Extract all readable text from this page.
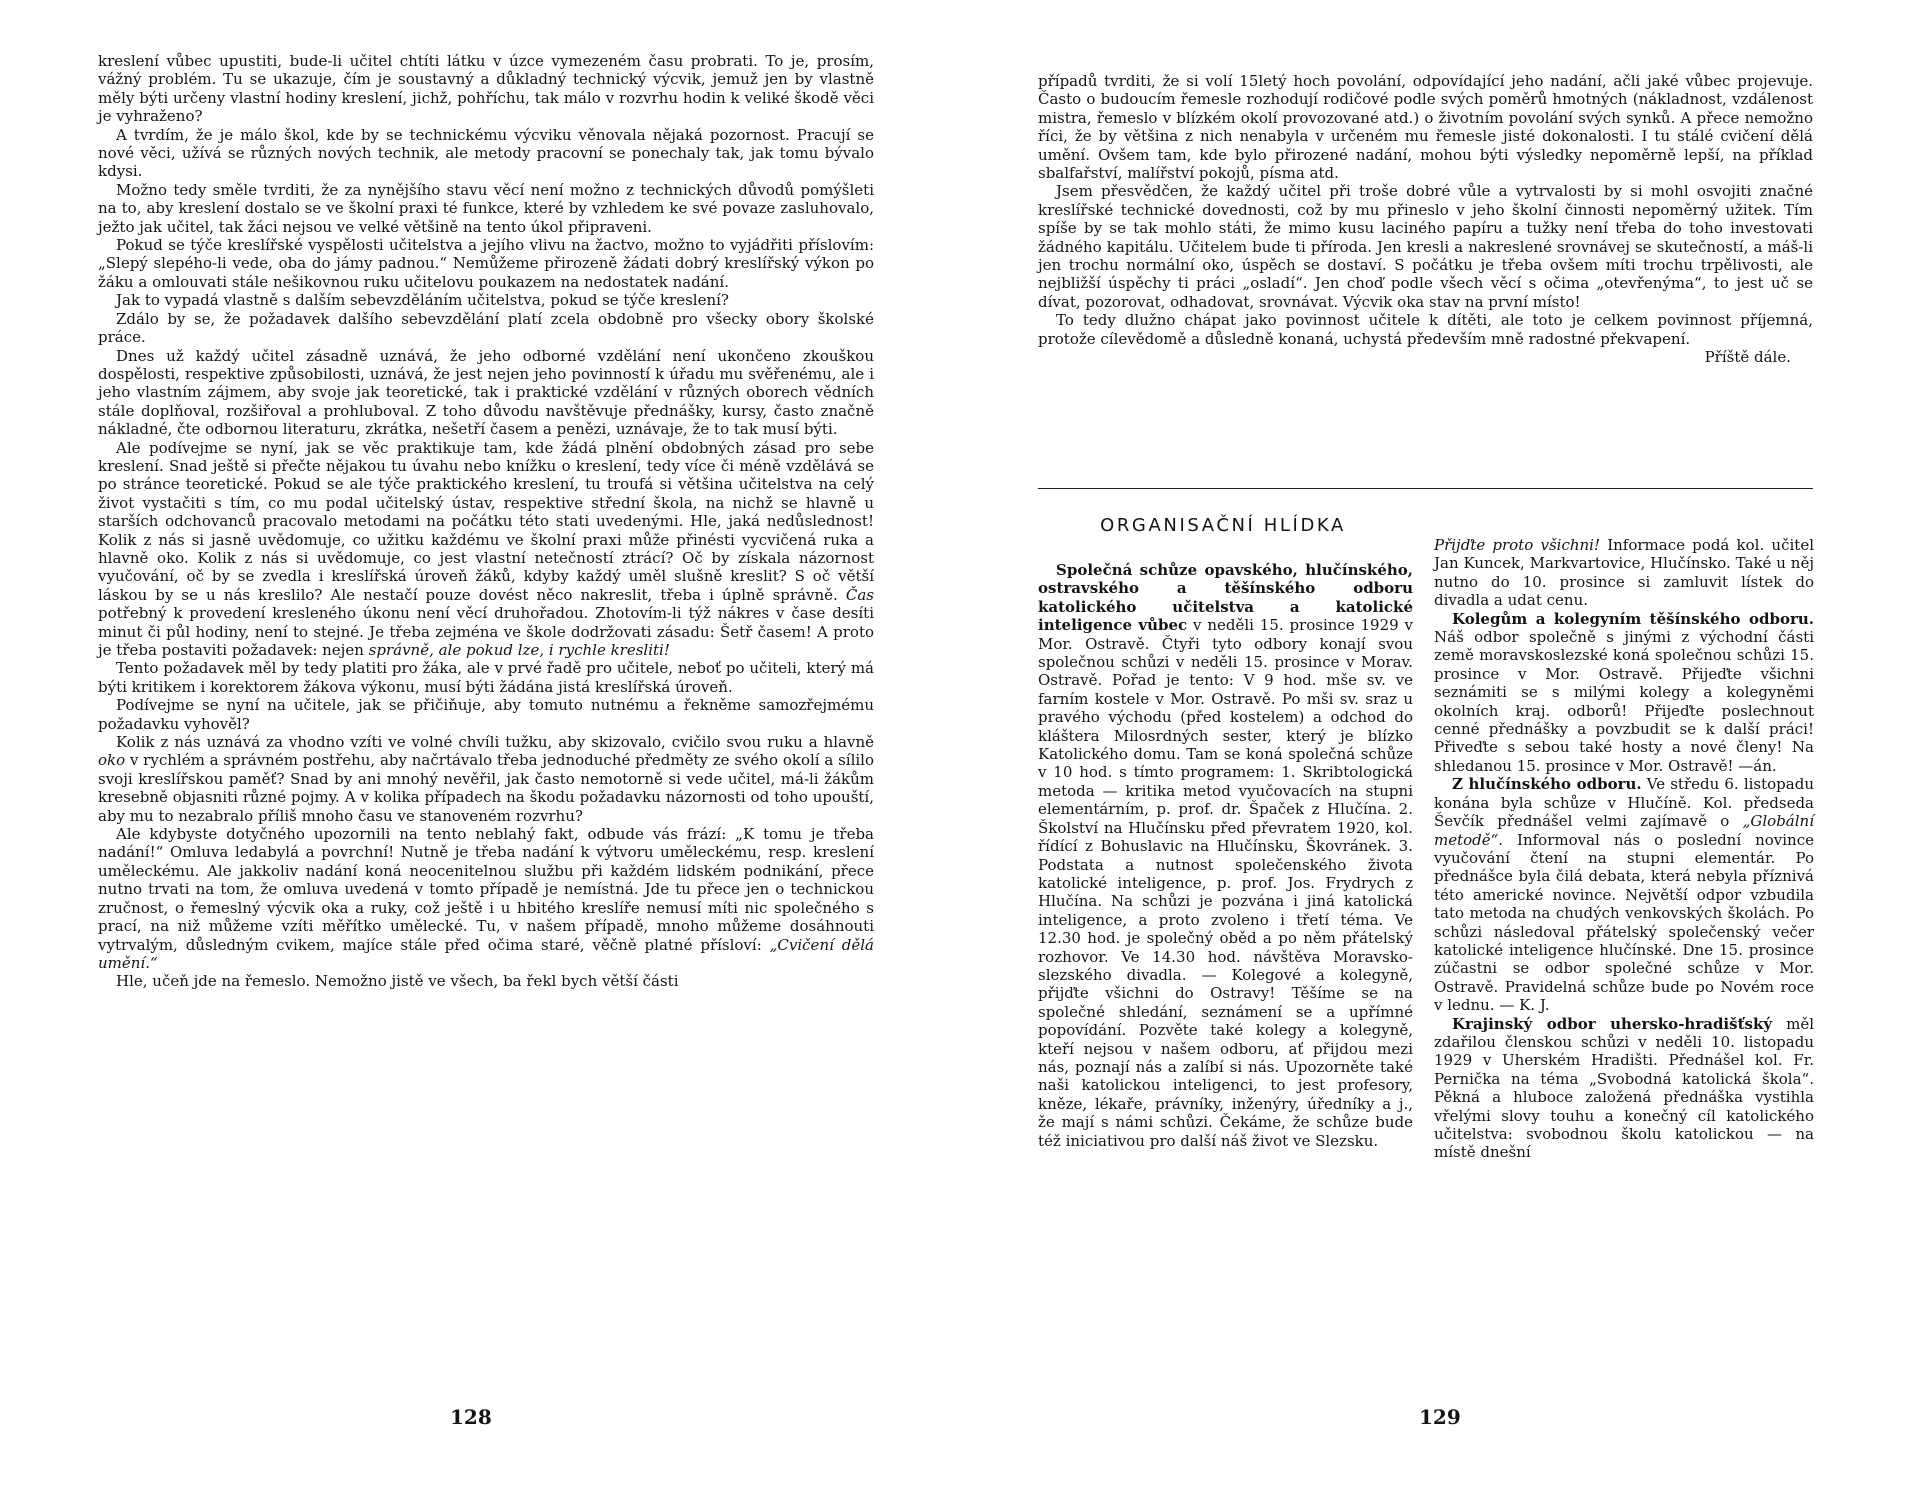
kreslení vůbec upustiti, bude-li učitel chtíti látku v úzce vymezeném času probrati. To je, prosím, vážný problém. Tu se ukazuje, čím je soustavný a důkladný technický výcvik, jemuž jen by vlastně měly býti určeny vlastní hodiny kreslení, jichž, pohříchu, tak málo v rozvrhu hodin k veliké škodě věci je vyhraženo?

A tvrdím, že je málo škol, kde by se technickému výcviku věnovala nějaká pozornost. Pracují se nové věci, užívá se různých nových technik, ale metody pracovní se ponechaly tak, jak tomu bývalo kdysi.

Možno tedy směle tvrditi, že za nynějšího stavu věcí není možno z technických důvodů pomýšleti na to, aby kreslení dostalo se ve školní praxi té funkce, které by vzhledem ke své povaze zasluhovalo, ježto jak učitel, tak žáci nejsou ve velké většině na tento úkol připraveni.

Pokud se týče kreslířské vyspělosti učitelstva a jejího vlivu na žactvo, možno to vyjádřiti příslovím: „Slepý slepého-li vede, oba do jámy padnou.“ Nemůžeme přirozeně žádati dobrý kreslířský výkon po žáku a omlouvati stále nešikovnou ruku učitelovu poukazem na nedostatek nadání.

Jak to vypadá vlastně s dalším sebevzděláním učitelstva, pokud se týče kreslení?

Zdálo by se, že požadavek dalšího sebevzdělání platí zcela obdobně pro všecky obory školské práce.

Dnes už každý učitel zásadně uznává, že jeho odborné vzdělání není ukončeno zkouškou dospělosti, respektive způsobilosti, uznává, že jest nejen jeho povinností k úřadu mu svěřenému, ale i jeho vlastním zájmem, aby svoje jak teoretické, tak i praktické vzdělání v různých oborech vědních stále doplňoval, rozšiřoval a prohluboval. Z toho důvodu navštěvuje přednášky, kursy, často značně nákladné, čte odbornou literaturu, zkrátka, nešetří časem a penězi, uznávaje, že to tak musí býti.

Ale podívejme se nyní, jak se věc praktikuje tam, kde žádá plnění obdobných zásad pro sebe kreslení. Snad ještě si přečte nějakou tu úvahu nebo knížku o kreslení, tedy více či méně vzdělává se po stránce teoretické. Pokud se ale týče praktického kreslení, tu troufá si většina učitelstva na celý život vystačiti s tím, co mu podal učitelský ústav, respektive střední škola, na nichž se hlavně u starších odchovanců pracovalo metodami na počátku této stati uvedenými. Hle, jaká nedůslednost! Kolik z nás si jasně uvědomuje, co užitku každému ve školní praxi může přinésti vycvičená ruka a hlavně oko. Kolik z nás si uvědomuje, co jest vlastní netečností ztrácí? Oč by získala názornost vyučování, oč by se zvedla i kreslířská úroveň žáků, kdyby každý uměl slušně kreslit? S oč větší láskou by se u nás kreslilo? Ale nestačí pouze dovést něco nakreslit, třeba i úplně správně. Čas potřebný k provedení kresleného úkonu není věcí druhořadou. Zhotovím-li týž nákres v čase desíti minut či půl hodiny, není to stejné. Je třeba zejména ve škole dodržovati zásadu: Šetř časem! A proto je třeba postaviti požadavek: nejen správně, ale pokud lze, i rychle kresliti!

Tento požadavek měl by tedy platiti pro žáka, ale v prvé řadě pro učitele, neboť po učiteli, který má býti kritikem i korektorem žákova výkonu, musí býti žádána jistá kreslířská úroveň.

Podívejme se nyní na učitele, jak se přičiňuje, aby tomuto nutnému a řekněme samozřejmému požadavku vyhověl?

Kolik z nás uznává za vhodno vzíti ve volné chvíli tužku, aby skizovalo, cvičilo svou ruku a hlavně oko v rychlém a správném postřehu, aby načrtávalo třeba jednoduché předměty ze svého okolí a sílilo svoji kreslířskou paměť? Snad by ani mnohý nevěřil, jak často nemotorně si vede učitel, má-li žákům kresebně objasniti různé pojmy. A v kolika případech na škodu požadavku názornosti od toho upouští, aby mu to nezabralo příliš mnoho času ve stanoveném rozvrhu?

Ale kdybyste dotyčného upozornili na tento neblahý fakt, odbude vás frází: „K tomu je třeba nadání!“ Omluva ledabylá a povrchní! Nutně je třeba nadání k výtvoru uměleckému, resp. kreslení uměleckému. Ale jakkoliv nadání koná neocenitelnou službu při každém lidském podnikání, přece nutno trvati na tom, že omluva uvedená v tomto případě je nemístná. Jde tu přece jen o technickou zručnost, o řemeslný výcvik oka a ruky, což ještě i u hbitého kreslíře nemusí míti nic společného s prací, na niž můžeme vzíti měřítko umělecké. Tu, v našem případě, mnoho můžeme dosáhnouti vytrvalým, důsledným cvikem, majíce stále před očima staré, věčně platné přísloví: „Cvičení dělá umění.“

Hle, učeň jde na řemeslo. Nemožno jistě ve všech, ba řekl bych větší části

128

případů tvrditi, že si volí 15letý hoch povolání, odpovídající jeho nadání, ačli jaké vůbec projevuje. Často o budoucím řemesle rozhodují rodičové podle svých poměrů hmotných (nákladnost, vzdálenost mistra, řemeslo v blízkém okolí provozované atd.) o životním povolání svých synků. A přece nemožno říci, že by většina z nich nenabyla v určeném mu řemesle jisté dokonalosti. I tu stálé cvičení dělá umění. Ovšem tam, kde bylo přirozené nadání, mohou býti výsledky nepoměrně lepší, na příklad sbalfařství, malířství pokojů, písma atd.

Jsem přesvědčen, že každý učitel při troše dobré vůle a vytrvalosti by si mohl osvojiti značné kreslířské technické dovednosti, což by mu přineslo v jeho školní činnosti nepoměrný užitek. Tím spíše by se tak mohlo státi, že mimo kusu laciného papíru a tužky není třeba do toho investovati žádného kapitálu. Učitelem bude ti příroda. Jen kresli a nakreslené srovnávej se skutečností, a máš-li jen trochu normální oko, úspěch se dostaví. S počátku je třeba ovšem míti trochu trpělivosti, ale nejbližší úspěchy ti práci „osladí“. Jen choď podle všech věcí s očima „otevřenýma“, to jest uč se dívat, pozorovat, odhadovat, srovnávat. Výcvik oka stav na první místo!

To tedy dlužno chápat jako povinnost učitele k dítěti, ale toto je celkem povinnost příjemná, protože cílevědomě a důsledně konaná, uchystá především mně radostné překvapení.
Příště dále.

ORGANISAČNÍ HLÍDKA

Společná schůze opavského, hlučínského, ostravského a těšínského odboru katolického učitelstva a katolické inteligence vůbec v neděli 15. prosince 1929 v Mor. Ostravě. Čtyři tyto odbory konají svou společnou schůzi v neděli 15. prosince v Morav. Ostravě. Pořad je tento: V 9 hod. mše sv. ve farním kostele v Mor. Ostravě. Po mši sv. sraz u pravého východu (před kostelem) a odchod do kláštera Milosrdných sester, který je blízko Katolického domu. Tam se koná společná schůze v 10 hod. s tímto programem: 1. Skribtologická metoda — kritika metod vyučovacích na stupni elementárním, p. prof. dr. Špaček z Hlučína. 2. Školství na Hlučínsku před převratem 1920, kol. řídící z Bohuslavic na Hlučínsku, Škovránek. 3. Podstata a nutnost společenského života katolické inteligence, p. prof. Jos. Frydrych z Hlučína. Na schůzi je pozvána i jiná katolická inteligence, a proto zvoleno i třetí téma. Ve 12.30 hod. je společný oběd a po něm přátelský rozhovor. Ve 14.30 hod. návštěva Moravsko-slezského divadla. — Kolegové a kolegyně, přijďte všichni do Ostravy! Těšíme se na společné shledání, seznámení se a upřímné popovídání. Pozvěte také kolegy a kolegyně, kteří nejsou v našem odboru, ať přijdou mezi nás, poznají nás a zalíbí si nás. Upozorněte také naši katolickou inteligenci, to jest profesory, kněze, lékaře, právníky, inženýry, úředníky a j., že mají s námi schůzi. Čekáme, že schůze bude též iniciativou pro další náš život ve Slezsku.

Přijďte proto všichni! Informace podá kol. učitel Jan Kuncek, Markvartovice, Hlučínsko. Také u něj nutno do 10. prosince si zamluvit lístek do divadla a udat cenu.

Kolegům a kolegyním těšínského odboru. Náš odbor společně s jinými z východní části země moravskoslezské koná společnou schůzi 15. prosince v Mor. Ostravě. Přijeďte všichni seznámiti se s milými kolegy a kolegyněmi okolních kraj. odborů! Přijeďte poslechnout cenné přednášky a povzbudit se k další práci! Přiveďte s sebou také hosty a nové členy! Na shledanou 15. prosince v Mor. Ostravě! —án.

Z hlučínského odboru. Ve středu 6. listopadu konána byla schůze v Hlučíně. Kol. předseda Ševčík přednášel velmi zajímavě o „Globální metodě“. Informoval nás o poslední novince vyučování čtení na stupni elementár. Po přednášce byla čilá debata, která nebyla příznivá této americké novince. Největší odpor vzbudila tato metoda na chudých venkovských školách. Po schůzi následoval přátelský společenský večer katolické inteligence hlučínské. Dne 15. prosince zúčastni se odbor společné schůze v Mor. Ostravě. Pravidelná schůze bude po Novém roce v lednu. — K. J.

Krajinský odbor uhersko-hradišťský měl zdařilou členskou schůzi v neděli 10. listopadu 1929 v Uherském Hradišti. Přednášel kol. Fr. Pernička na téma „Svobodná katolická škola“. Pěkná a hluboce založená přednáška vystihla vřelými slovy touhu a konečný cíl katolického učitelstva: svobodnou školu katolickou — na místě dnešní

129
